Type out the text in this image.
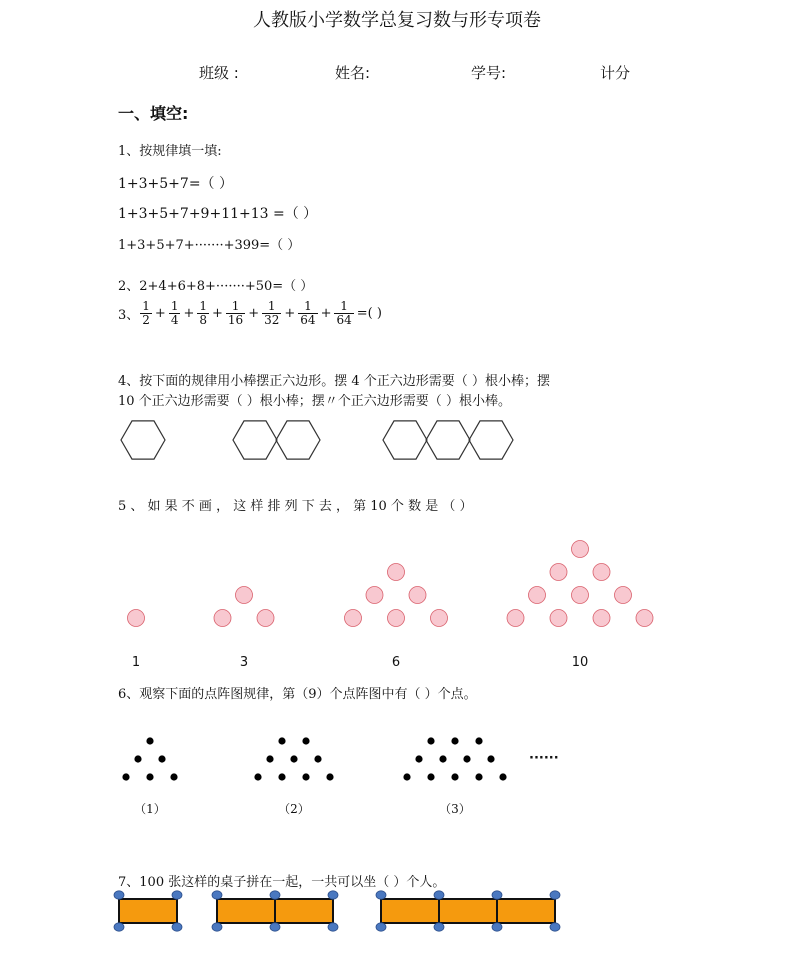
人教版小学数学总复习数与形专项卷
班级 :	姓名:	学号:	计分
一、填空:
1、按规律填一填:
1+3+5+7=（ ）
1+3+5+7+9+11+13 =（ ）
1+3+5+7+·······+399=（ ）
2、2+4+6+8+·······+50=（ ）
3、 $\frac{1}{2} + \frac{1}{4} + \frac{1}{8} + \frac{1}{16} + \frac{1}{32} + \frac{1}{64} + \frac{1}{64}$ =( )
4、按下面的规律用小棒摆正六边形。摆 4 个正六边形需要（ ）根小棒；摆
10 个正六边形需要（ ）根小棒；摆〃个正六边形需要（ ）根小棒。
5 、 如 果 不 画 ， 这 样 排 列 下 去 ， 第 10 个 数 是 （ ）
6、观察下面的点阵图规律，第（9）个点阵图中有（ ）个点。
7、100 张这样的桌子拼在一起，一共可以坐（ ）个人。
1	3	6	10
（1）	（2）	（3）
······
